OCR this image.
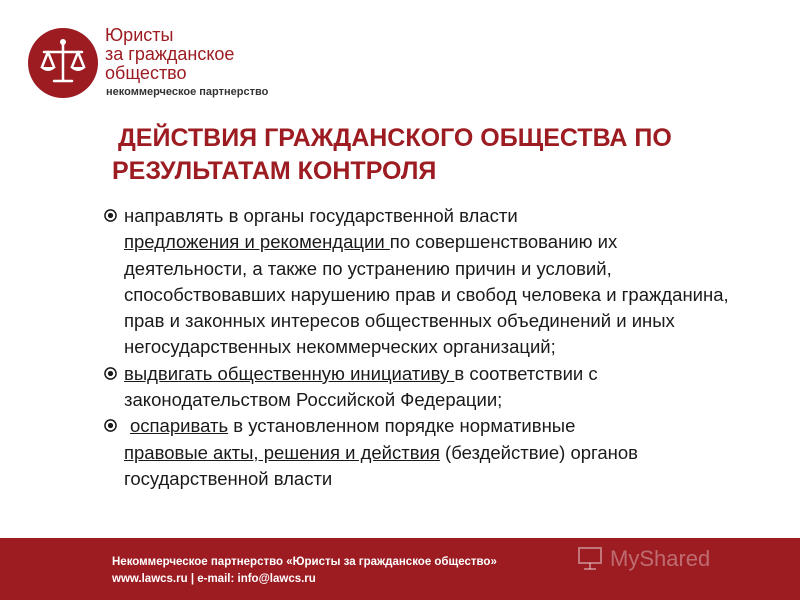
Юристы
за гражданское
общество
некоммерческое партнерство
ДЕЙСТВИЯ ГРАЖДАНСКОГО ОБЩЕСТВА ПО
РЕЗУЛЬТАТАМ КОНТРОЛЯ
направлять в органы государственной власти
предложения и рекомендации по совершенствованию их деятельности, а также по устранению причин и условий, способствовавших нарушению прав и свобод человека и гражданина, прав и законных интересов общественных объединений и иных негосударственных некоммерческих организаций;
выдвигать общественную инициативу в соответствии с законодательством Российской Федерации;
оспаривать в установленном порядке нормативные
правовые акты, решения и действия (бездействие) органов государственной власти
Некоммерческое партнерство «Юристы за гражданское общество»
www.lawcs.ru | e-mail: info@lawcs.ru
MyShared
